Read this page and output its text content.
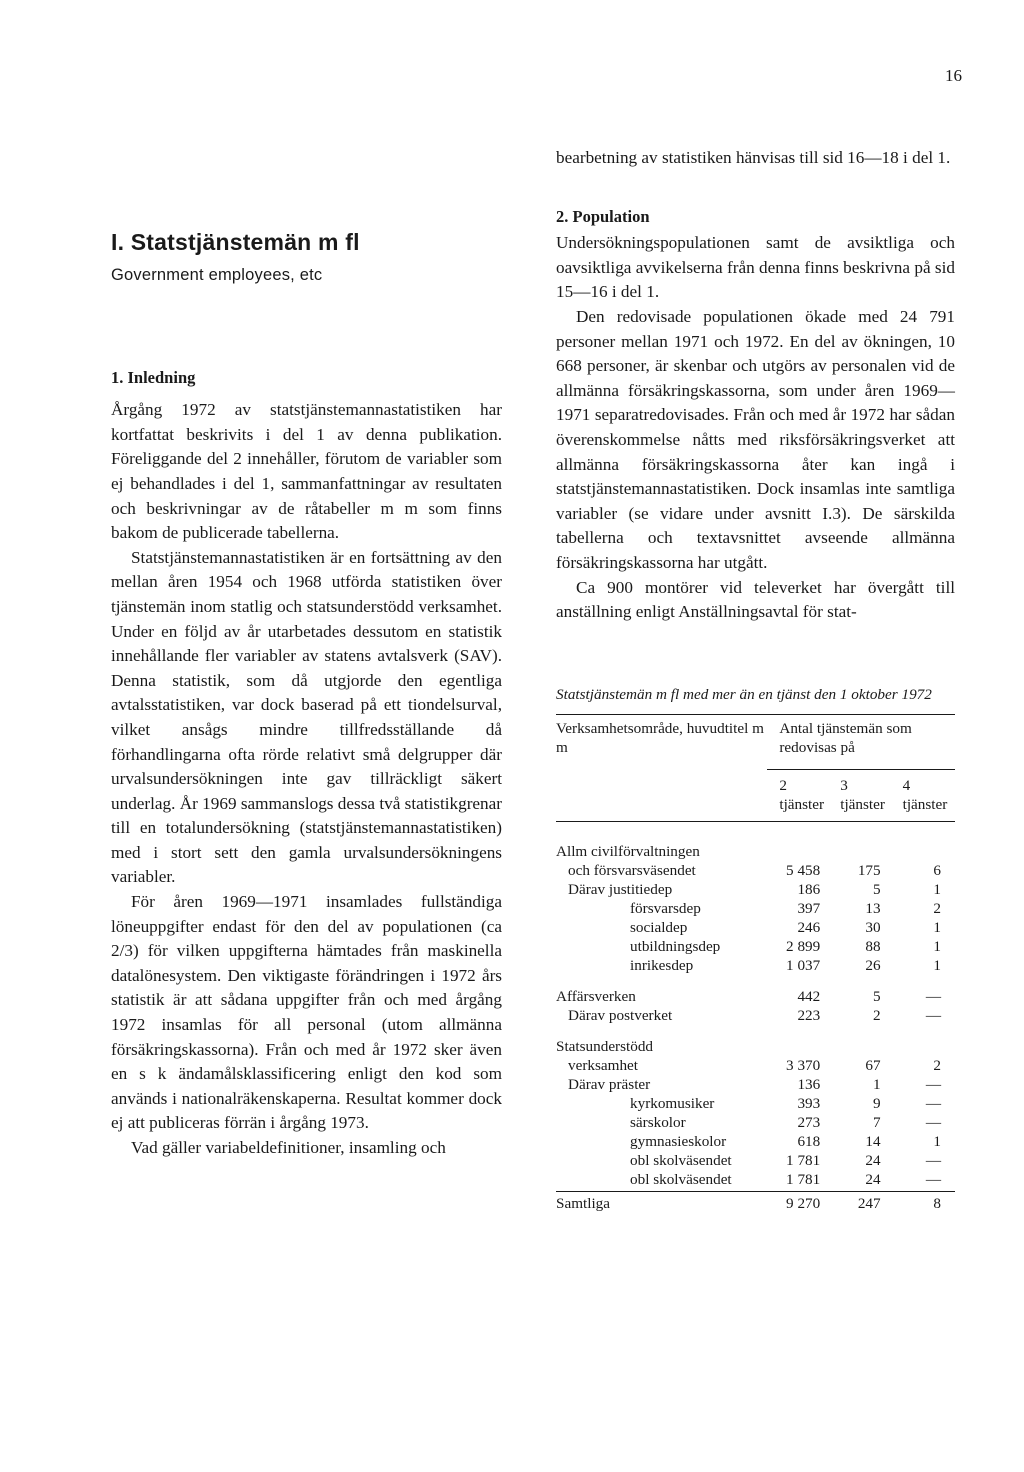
16
I. Statstjänstemän m fl
Government employees, etc
1. Inledning

Årgång 1972 av statstjänstemannastatistiken har kortfattat beskrivits i del 1 av denna publikation. Föreliggande del 2 innehåller, förutom de variabler som ej behandlades i del 1, sammanfattningar av resultaten och beskrivningar av de råtabeller m m som finns bakom de publicerade tabellerna.

Statstjänstemannastatistiken är en fortsättning av den mellan åren 1954 och 1968 utförda statistiken över tjänstemän inom statlig och statsunderstödd verksamhet. Under en följd av år utarbetades dessutom en statistik innehållande fler variabler av statens avtalsverk (SAV). Denna statistik, som då utgjorde den egentliga avtalsstatistiken, var dock baserad på ett tiondelsurval, vilket ansågs mindre tillfredsställande då förhandlingarna ofta rörde relativt små delgrupper där urvalsundersökningen inte gav tillräckligt säkert underlag. År 1969 sammanslogs dessa två statistikgrenar till en totalundersökning (statstjänstemannastatistiken) med i stort sett den gamla urvalsundersökningens variabler.

För åren 1969—1971 insamlades fullständiga löneuppgifter endast för den del av populationen (ca 2/3) för vilken uppgifterna hämtades från maskinella datalönesystem. Den viktigaste förändringen i 1972 års statistik är att sådana uppgifter från och med årgång 1972 insamlas för all personal (utom allmänna försäkringskassorna). Från och med år 1972 sker även en s k ändamålsklassificering enligt den kod som används i nationalräkenskaperna. Resultat kommer dock ej att publiceras förrän i årgång 1973.

Vad gäller variabeldefinitioner, insamling och

bearbetning av statistiken hänvisas till sid 16—18 i del 1.

2. Population

Undersökningspopulationen samt de avsiktliga och oavsiktliga avvikelserna från denna finns beskrivna på sid 15—16 i del 1.

Den redovisade populationen ökade med 24 791 personer mellan 1971 och 1972. En del av ökningen, 10 668 personer, är skenbar och utgörs av personalen vid de allmänna försäkringskassorna, som under åren 1969—1971 separatredovisades. Från och med år 1972 har sådan överenskommelse nåtts med riksförsäkringsverket att allmänna försäkringskassorna åter kan ingå i statstjänstemannastatistiken. Dock insamlas inte samtliga variabler (se vidare under avsnitt I.3). De särskilda tabellerna och textavsnittet avseende allmänna försäkringskassorna har utgått.

Ca 900 montörer vid televerket har övergått till anställning enligt Anställningsavtal för stat-

Statstjänstemän m fl med mer än en tjänst den 1 oktober 1972
Verksamhetsområde, huvudtitel m m	Antal tjänstemän som redovisas på		

	2 tjänster	3 tjänster	4 tjänster

Allm civilförvaltningen			
och försvarsväsendet	5 458	175	6
Därav justitiedep	186	5	1
försvarsdep	397	13	2
socialdep	246	30	1
utbildningsdep	2 899	88	1
inrikesdep	1 037	26	1

Affärsverken	442	5	—
Därav postverket	223	2	—

Statsunderstödd			
verksamhet	3 370	67	2
Därav präster	136	1	—
kyrkomusiker	393	9	—
särskolor	273	7	—
gymnasieskolor	618	14	1
obl skolväsendet	1 781	24	—
obl skolväsendet	1 781	24	—
Samtliga	9 270	247	8
